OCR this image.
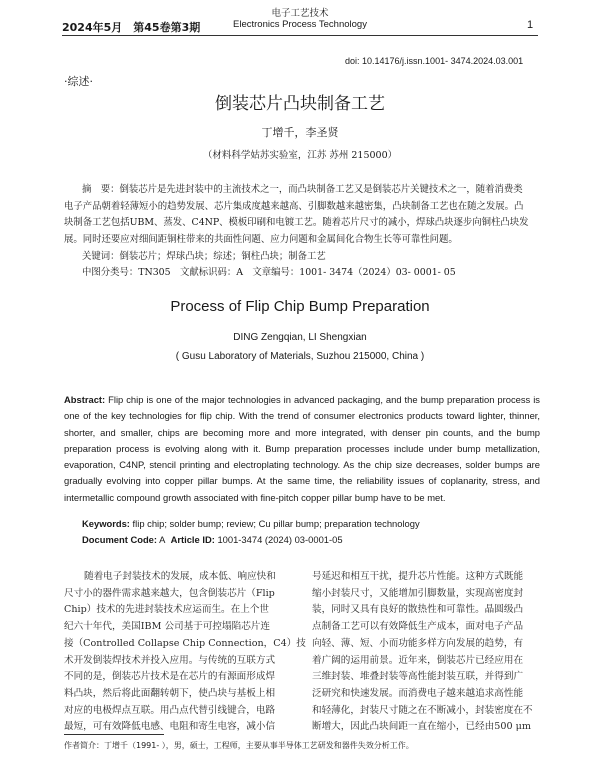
2024年5月　第45卷第3期
电子工艺技术
Electronics Process Technology	1
doi: 10.14176/j.issn.1001- 3474.2024.03.001
·综述·
倒装芯片凸块制备工艺
丁增千，李圣贤
（材料科学姑苏实验室，江苏 苏州 215000）
摘　要：倒装芯片是先进封装中的主流技术之一，而凸块制备工艺又是倒装芯片关键技术之一，随着消费类
电子产品朝着轻薄短小的趋势发展、芯片集成度越来越高、引脚数越来越密集，凸块制备工艺也在随之发展。凸
块制备工艺包括UBM、蒸发、C4NP、模板印刷和电镀工艺。随着芯片尺寸的减小，焊球凸块逐步向铜柱凸块发
展。同时还要应对细间距铜柱带来的共面性问题、应力问题和金属间化合物生长等可靠性问题。
关键词：倒装芯片；焊球凸块；综述；铜柱凸块；制备工艺
中图分类号：TN305　文献标识码：A　文章编号：1001- 3474（2024）03- 0001- 05
Process of Flip Chip Bump Preparation
DING Zengqian, LI Shengxian
( Gusu Laboratory of Materials, Suzhou 215000, China )
Abstract: Flip chip is one of the major technologies in advanced packaging, and the bump preparation process is one of the key technologies for flip chip. With the trend of consumer electronics products toward lighter, thinner, shorter, and smaller, chips are becoming more and more integrated, with denser pin counts, and the bump preparation process is evolving along with it. Bump preparation processes include under bump metallization, evaporation, C4NP, stencil printing and electroplating technology. As the chip size decreases, solder bumps are gradually evolving into copper pillar bumps. At the same time, the reliability issues of coplanarity, stress, and intermetallic compound growth associated with fine-pitch copper pillar bump have to be met.
Keywords: flip chip; solder bump; review; Cu pillar bump; preparation technology
Document Code: A Article ID: 1001-3474 (2024) 03-0001-05
随着电子封装技术的发展，成本低、响应快和
尺寸小的器件需求越来越大，包含倒装芯片（Flip
Chip）技术的先进封装技术应运而生。在上个世
纪六十年代，美国IBM 公司基于可控塌陷芯片连
接（Controlled Collapse Chip Connection，C4）技
术开发倒装焊技术并投入应用。与传统的互联方式
不同的是，倒装芯片技术是在芯片的有源面形成焊
料凸块，然后将此面翻转朝下，使凸块与基板上相
对应的电极焊点互联。用凸点代替引线键合，电路
最短，可有效降低电感、电阻和寄生电容，减小信
号延迟和相互干扰，提升芯片性能。这种方式既能
缩小封装尺寸，又能增加引脚数量，实现高密度封
装，同时又具有良好的散热性和可靠性。晶圆级凸
点制备工艺可以有效降低生产成本，面对电子产品
向轻、薄、短、小而功能多样方向发展的趋势，有
着广阔的运用前景。近年来，倒装芯片已经应用在
三维封装、堆叠封装等高性能封装互联，并得到广
泛研究和快速发展。而消费电子越来越追求高性能
和轻薄化，封装尺寸随之在不断减小，封装密度在不
断增大，因此凸块间距一直在缩小，已经由500 μm
作者简介：丁增千（1991- ），男，硕士，工程师，主要从事半导体工艺研发和器件失效分析工作。
